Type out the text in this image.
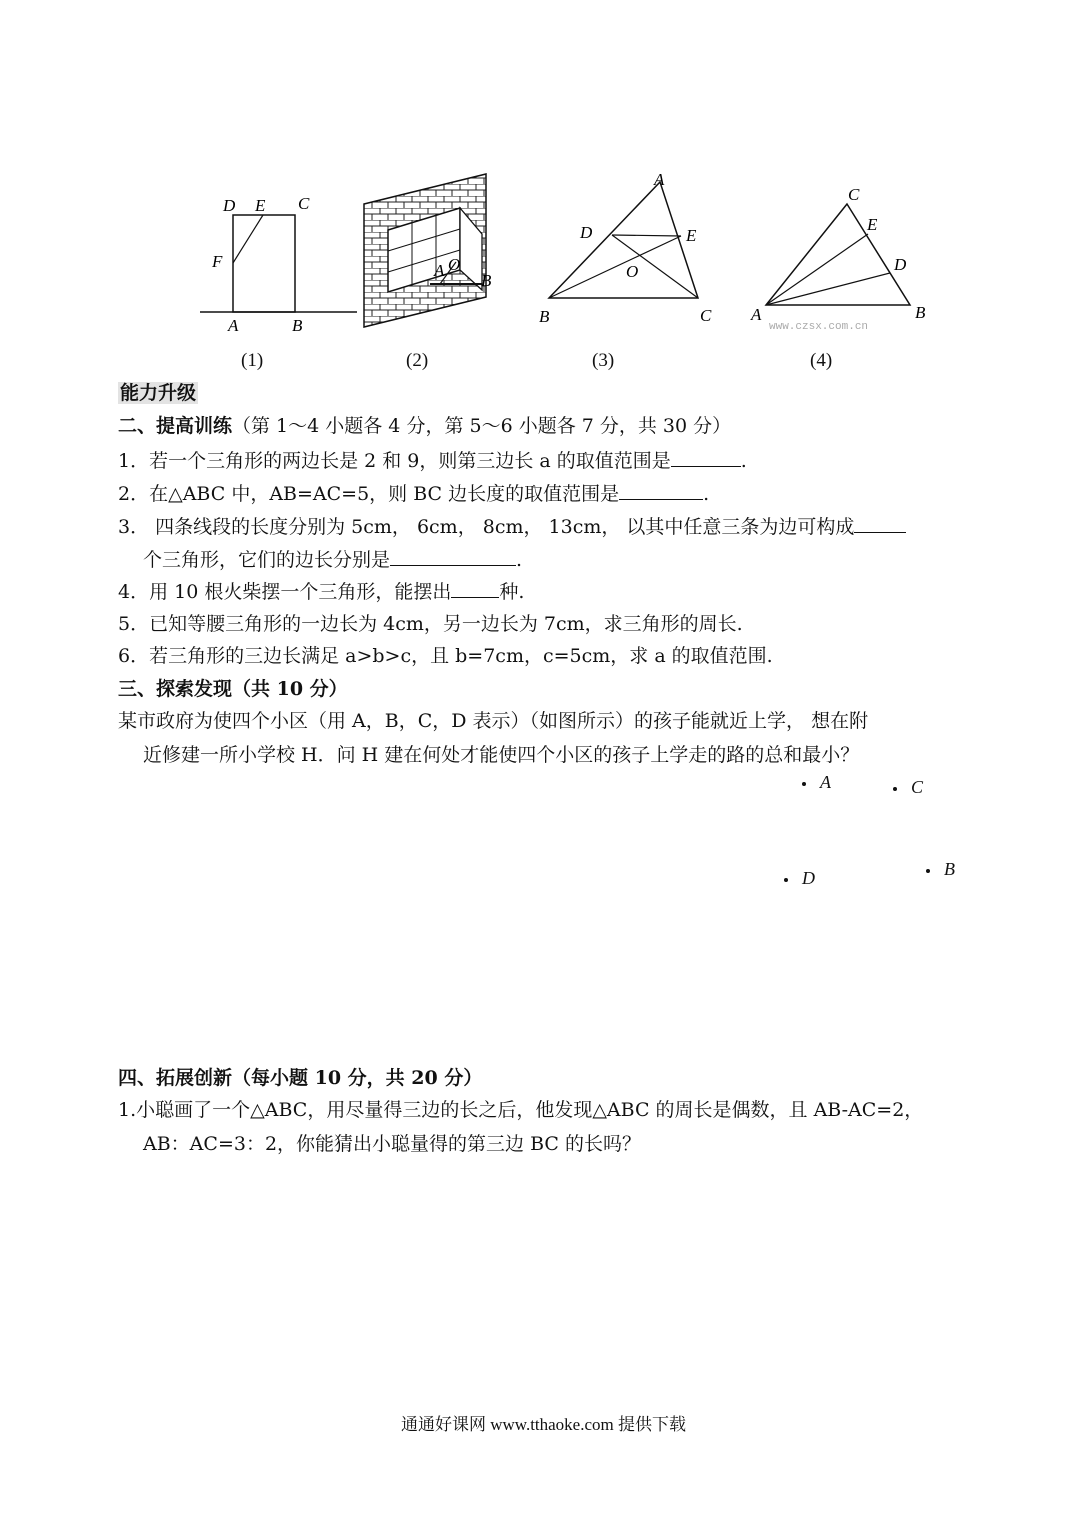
D E C
F
A	B
(1)
A O
B
(2)
A
D	E
O
B	C
(3)
C
E
D
A	B
www.czsx.com.cn
(4)
能力升级
二、提高训练（第 1～4 小题各 4 分，第 5～6 小题各 7 分，共 30 分）
1．若一个三角形的两边长是 2 和 9，则第三边长 a 的取值范围是	.
2．在△ABC 中，AB=AC=5，则 BC 边长度的取值范围是	.
3． 四条线段的长度分别为 5cm， 6cm， 8cm， 13cm， 以其中任意三条为边可构成
个三角形，它们的边长分别是	.
4．用 10 根火柴摆一个三角形，能摆出	种.
5．已知等腰三角形的一边长为 4cm，另一边长为 7cm，求三角形的周长.
6．若三角形的三边长满足 a>b>c，且 b=7cm，c=5cm，求 a 的取值范围.
三、探索发现（共 10 分）
某市政府为使四个小区（用 A，B，C，D 表示）（如图所示）的孩子能就近上学， 想在附
近修建一所小学校 H．问 H 建在何处才能使四个小区的孩子上学走的路的总和最小？
A	C
D	B
四、拓展创新（每小题 10 分，共 20 分）
1.小聪画了一个△ABC，用尽量得三边的长之后，他发现△ABC 的周长是偶数，且 AB-AC=2，
AB：AC=3：2，你能猜出小聪量得的第三边 BC 的长吗？
通通好课网 www.tthaoke.com 提供下载
